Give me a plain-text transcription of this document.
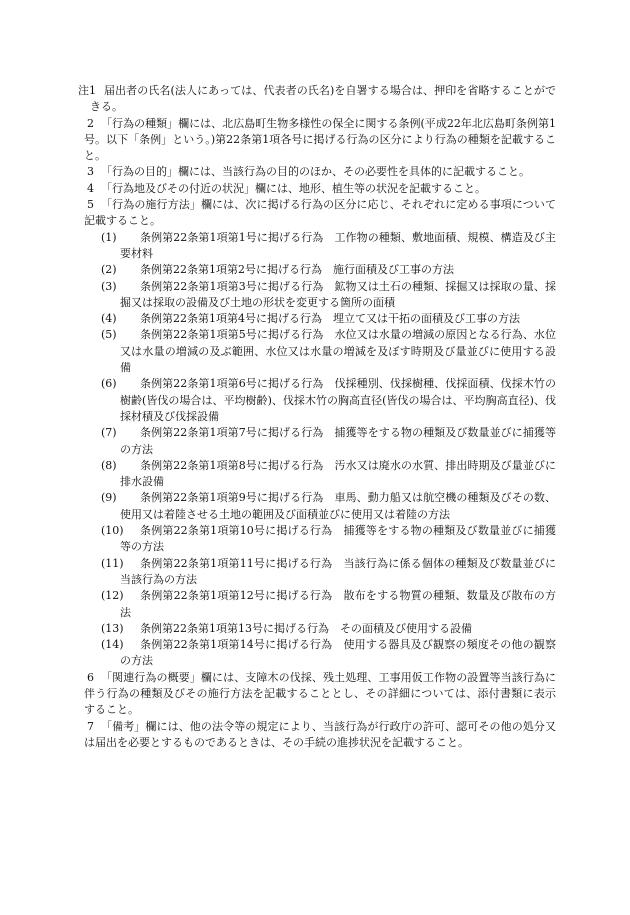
注1 届出者の氏名(法人にあっては、代表者の氏名)を自署する場合は、押印を省略することができる。
2 「行為の種類」欄には、北広島町生物多様性の保全に関する条例(平成22年北広島町条例第1号。以下「条例」という。)第22条第1項各号に掲げる行為の区分により行為の種類を記載すること。
3 「行為の目的」欄には、当該行為の目的のほか、その必要性を具体的に記載すること。
4 「行為地及びその付近の状況」欄には、地形、植生等の状況を記載すること。
5 「行為の施行方法」欄には、次に掲げる行為の区分に応じ、それぞれに定める事項について記載すること。
(1)	条例第22条第1項第1号に掲げる行為　工作物の種類、敷地面積、規模、構造及び主要材料
(2)	条例第22条第1項第2号に掲げる行為　施行面積及び工事の方法
(3)	条例第22条第1項第3号に掲げる行為　鉱物又は土石の種類、採掘又は採取の量、採掘又は採取の設備及び土地の形状を変更する箇所の面積
(4)	条例第22条第1項第4号に掲げる行為　埋立て又は干拓の面積及び工事の方法
(5)	条例第22条第1項第5号に掲げる行為　水位又は水量の増減の原因となる行為、水位又は水量の増減の及ぶ範囲、水位又は水量の増減を及ぼす時期及び量並びに使用する設備
(6)	条例第22条第1項第6号に掲げる行為　伐採種別、伐採樹種、伐採面積、伐採木竹の樹齢(皆伐の場合は、平均樹齢)、伐採木竹の胸高直径(皆伐の場合は、平均胸高直径)、伐採材積及び伐採設備
(7)	条例第22条第1項第7号に掲げる行為　捕獲等をする物の種類及び数量並びに捕獲等の方法
(8)	条例第22条第1項第8号に掲げる行為　汚水又は廃水の水質、排出時期及び量並びに排水設備
(9)	条例第22条第1項第9号に掲げる行為　車馬、動力船又は航空機の種類及びその数、使用又は着陸させる土地の範囲及び面積並びに使用又は着陸の方法
(10)	条例第22条第1項第10号に掲げる行為　捕獲等をする物の種類及び数量並びに捕獲等の方法
(11)	条例第22条第1項第11号に掲げる行為　当該行為に係る個体の種類及び数量並びに当該行為の方法
(12)	条例第22条第1項第12号に掲げる行為　散布をする物質の種類、数量及び散布の方法
(13)	条例第22条第1項第13号に掲げる行為　その面積及び使用する設備
(14)	条例第22条第1項第14号に掲げる行為　使用する器具及び観察の頻度その他の観察の方法
6 「関連行為の概要」欄には、支障木の伐採、残土処理、工事用仮工作物の設置等当該行為に伴う行為の種類及びその施行方法を記載することとし、その詳細については、添付書類に表示すること。
7 「備考」欄には、他の法令等の規定により、当該行為が行政庁の許可、認可その他の処分又は届出を必要とするものであるときは、その手続の進捗状況を記載すること。
